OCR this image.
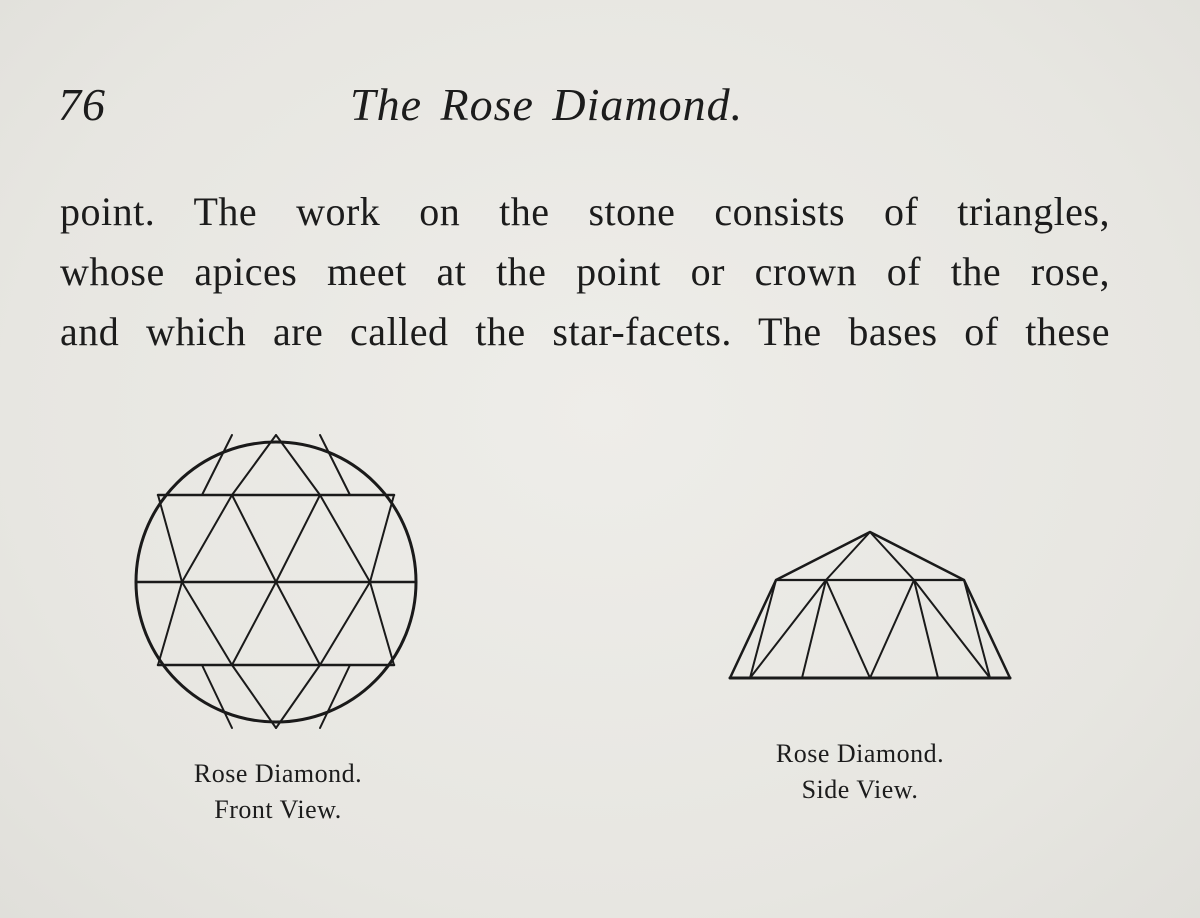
76	The Rose Diamond.
point. The work on the stone consists of triangles,
whose apices meet at the point or crown of the rose,
and which are called the star-facets. The bases of these
Rose Diamond.
Front View.
Rose Diamond.
Side View.
